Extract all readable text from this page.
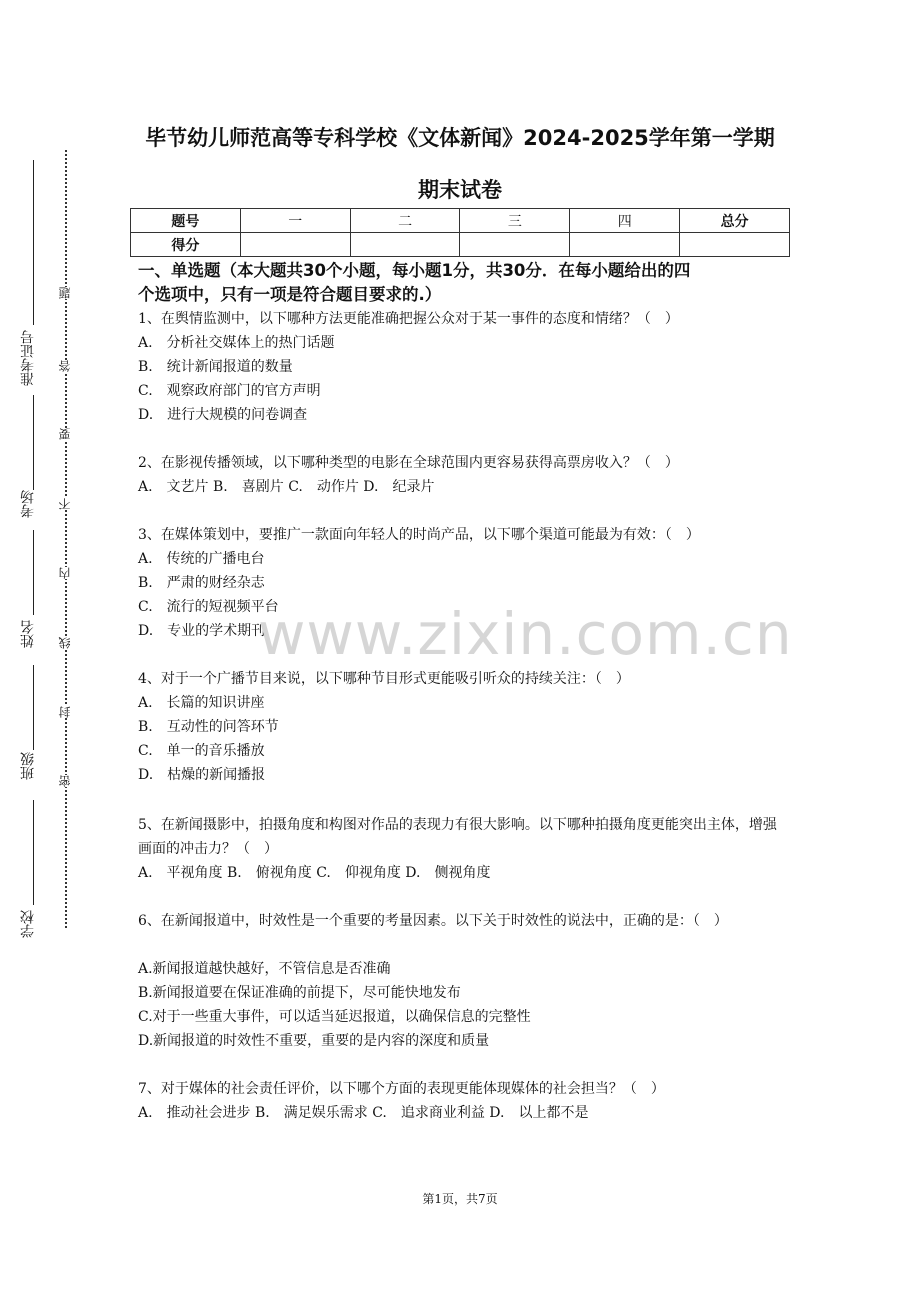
题
答
要
不
内
线
封
密
准考证号
考场
姓名
班级
学校
毕节幼儿师范高等专科学校《文体新闻》2024-2025学年第一学期
期末试卷
题号	一	二	三	四	总分
得分					
一、单选题（本大题共30个小题，每小题1分，共30分．在每小题给出的四
个选项中，只有一项是符合题目要求的.）
1、在舆情监测中，以下哪种方法更能准确把握公众对于某一事件的态度和情绪？（　）
A.　分析社交媒体上的热门话题
B.　统计新闻报道的数量
C.　观察政府部门的官方声明
D.　进行大规模的问卷调查
2、在影视传播领域，以下哪种类型的电影在全球范围内更容易获得高票房收入？（　）
A.　文艺片 B.　喜剧片 C.　动作片 D.　纪录片
3、在媒体策划中，要推广一款面向年轻人的时尚产品，以下哪个渠道可能最为有效：（　）
A.　传统的广播电台
B.　严肃的财经杂志
C.　流行的短视频平台
D.　专业的学术期刊
4、对于一个广播节目来说，以下哪种节目形式更能吸引听众的持续关注：（　）
A.　长篇的知识讲座
B.　互动性的问答环节
C.　单一的音乐播放
D.　枯燥的新闻播报
5、在新闻摄影中，拍摄角度和构图对作品的表现力有很大影响。以下哪种拍摄角度更能突出主体，增强画面的冲击力？（　）
A.　平视角度 B.　俯视角度 C.　仰视角度 D.　侧视角度
6、在新闻报道中，时效性是一个重要的考量因素。以下关于时效性的说法中，正确的是：（　）
A.新闻报道越快越好，不管信息是否准确
B.新闻报道要在保证准确的前提下，尽可能快地发布
C.对于一些重大事件，可以适当延迟报道，以确保信息的完整性
D.新闻报道的时效性不重要，重要的是内容的深度和质量
7、对于媒体的社会责任评价，以下哪个方面的表现更能体现媒体的社会担当？（　）
A.　推动社会进步 B.　满足娱乐需求 C.　追求商业利益 D.　以上都不是
www.zixin.com.cn
第1页，共7页
